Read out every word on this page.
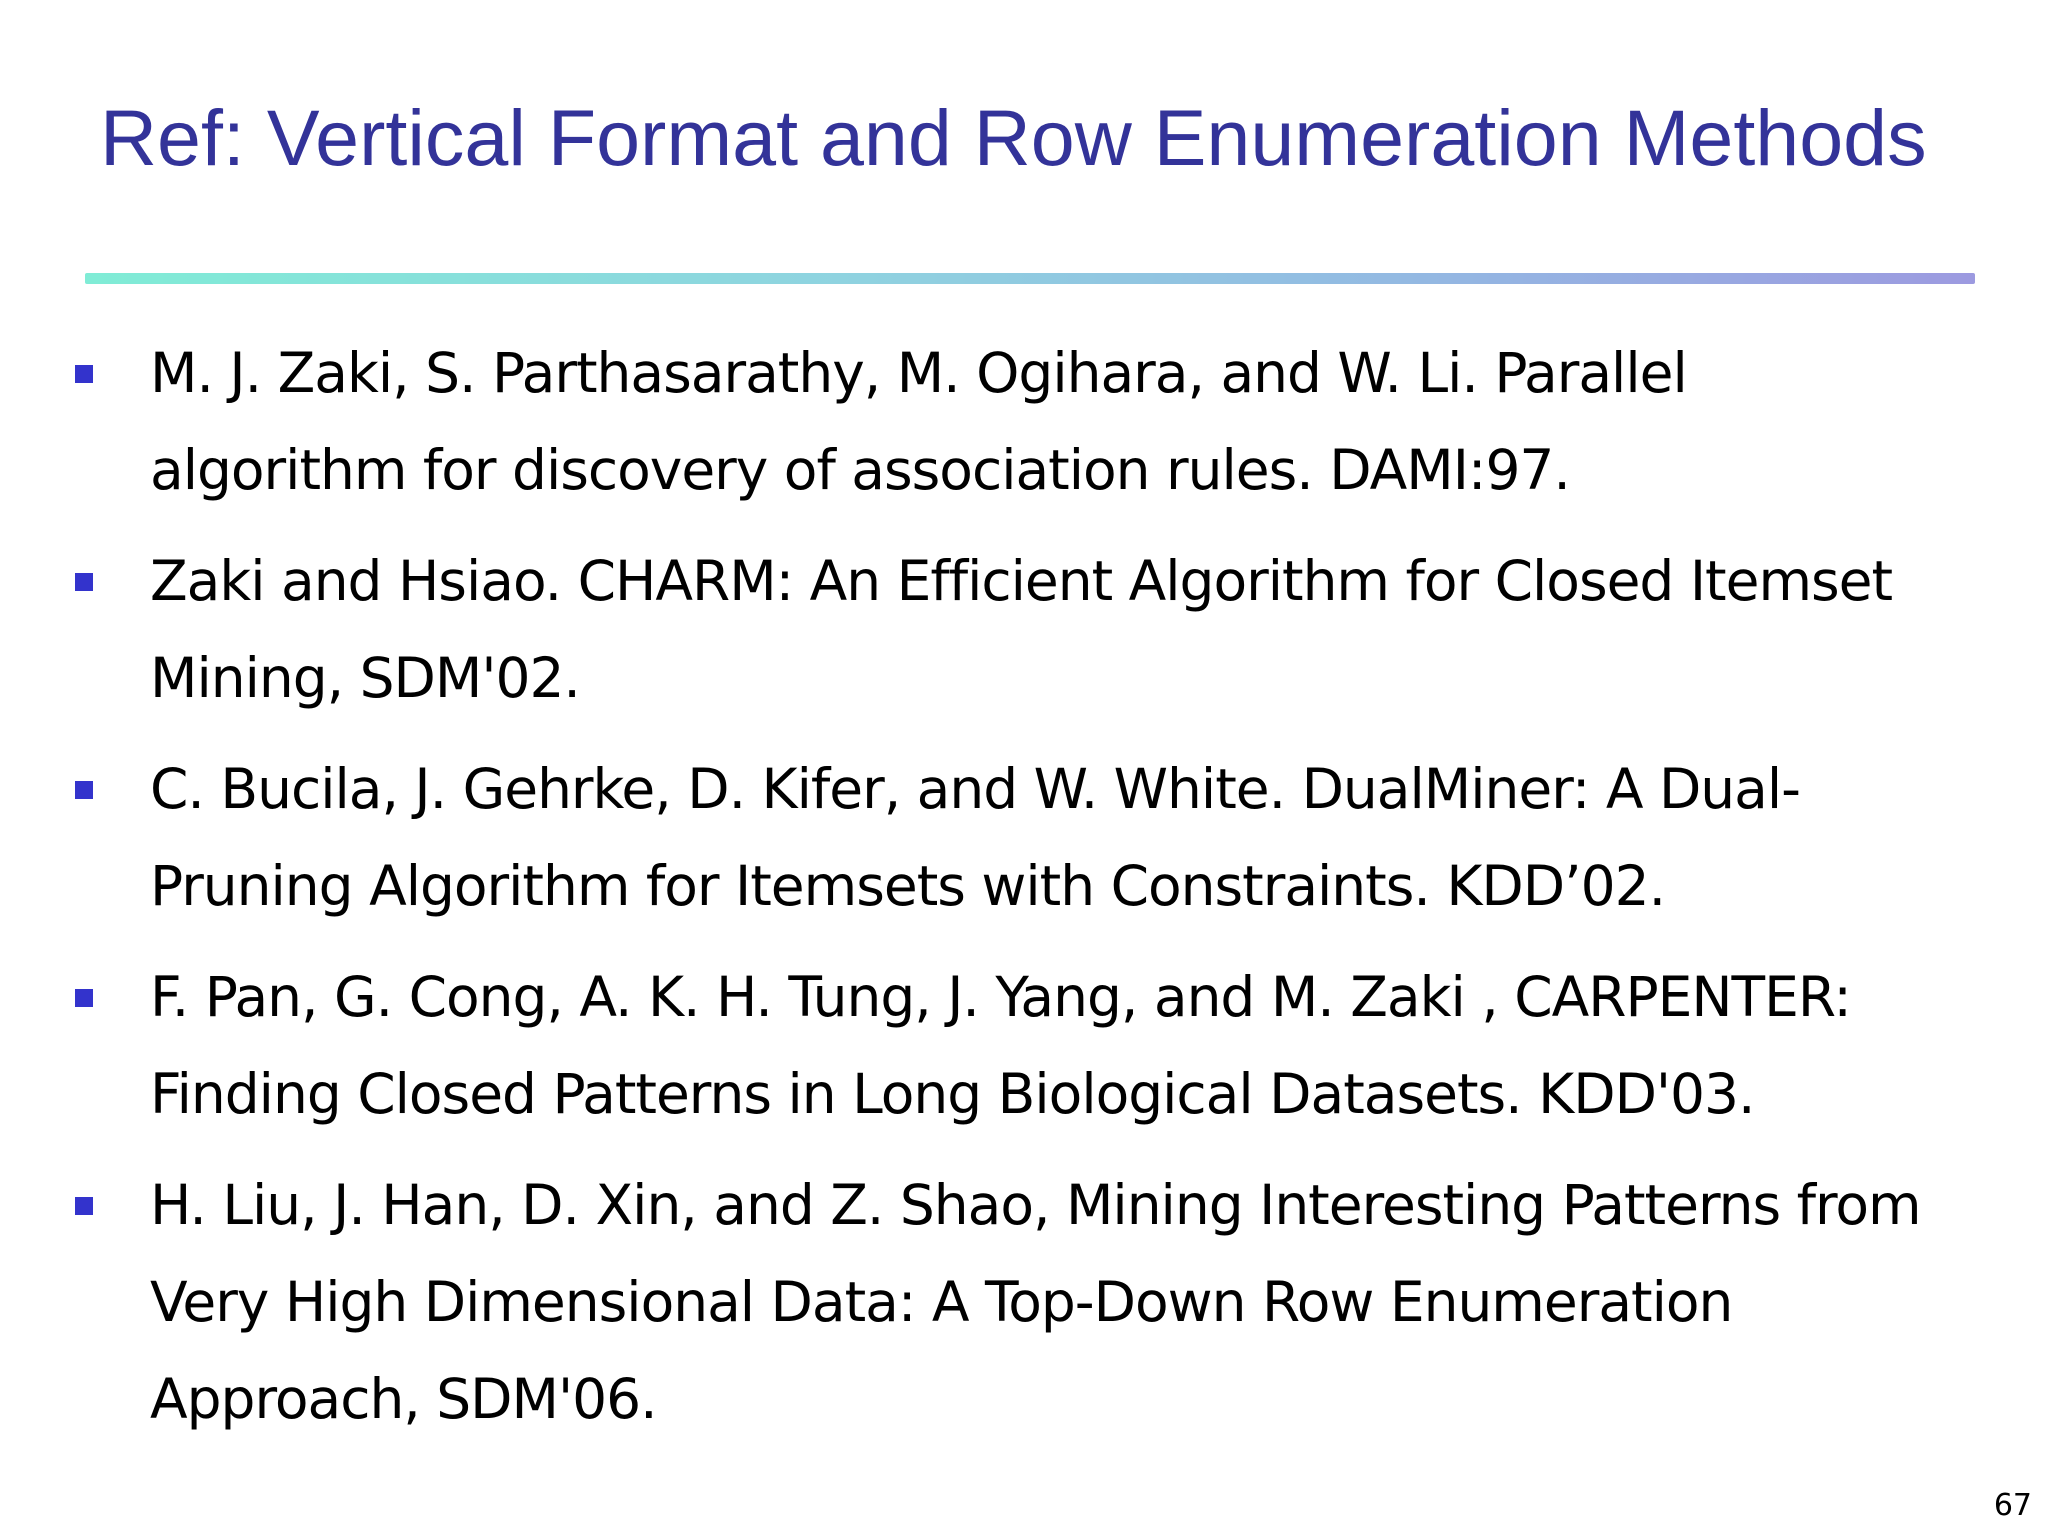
Ref: Vertical Format and Row Enumeration Methods
M. J. Zaki, S. Parthasarathy, M. Ogihara, and W. Li. Parallel algorithm for discovery of association rules. DAMI:97.
Zaki and Hsiao. CHARM: An Efficient Algorithm for Closed Itemset Mining, SDM'02.
C. Bucila, J. Gehrke, D. Kifer, and W. White. DualMiner: A Dual-Pruning Algorithm for Itemsets with Constraints. KDD’02.
F. Pan, G. Cong, A. K. H. Tung, J. Yang, and M. Zaki , CARPENTER: Finding Closed Patterns in Long Biological Datasets. KDD'03.
H. Liu, J. Han, D. Xin, and Z. Shao, Mining Interesting Patterns from Very High Dimensional Data: A Top-Down Row Enumeration Approach, SDM'06.
67
